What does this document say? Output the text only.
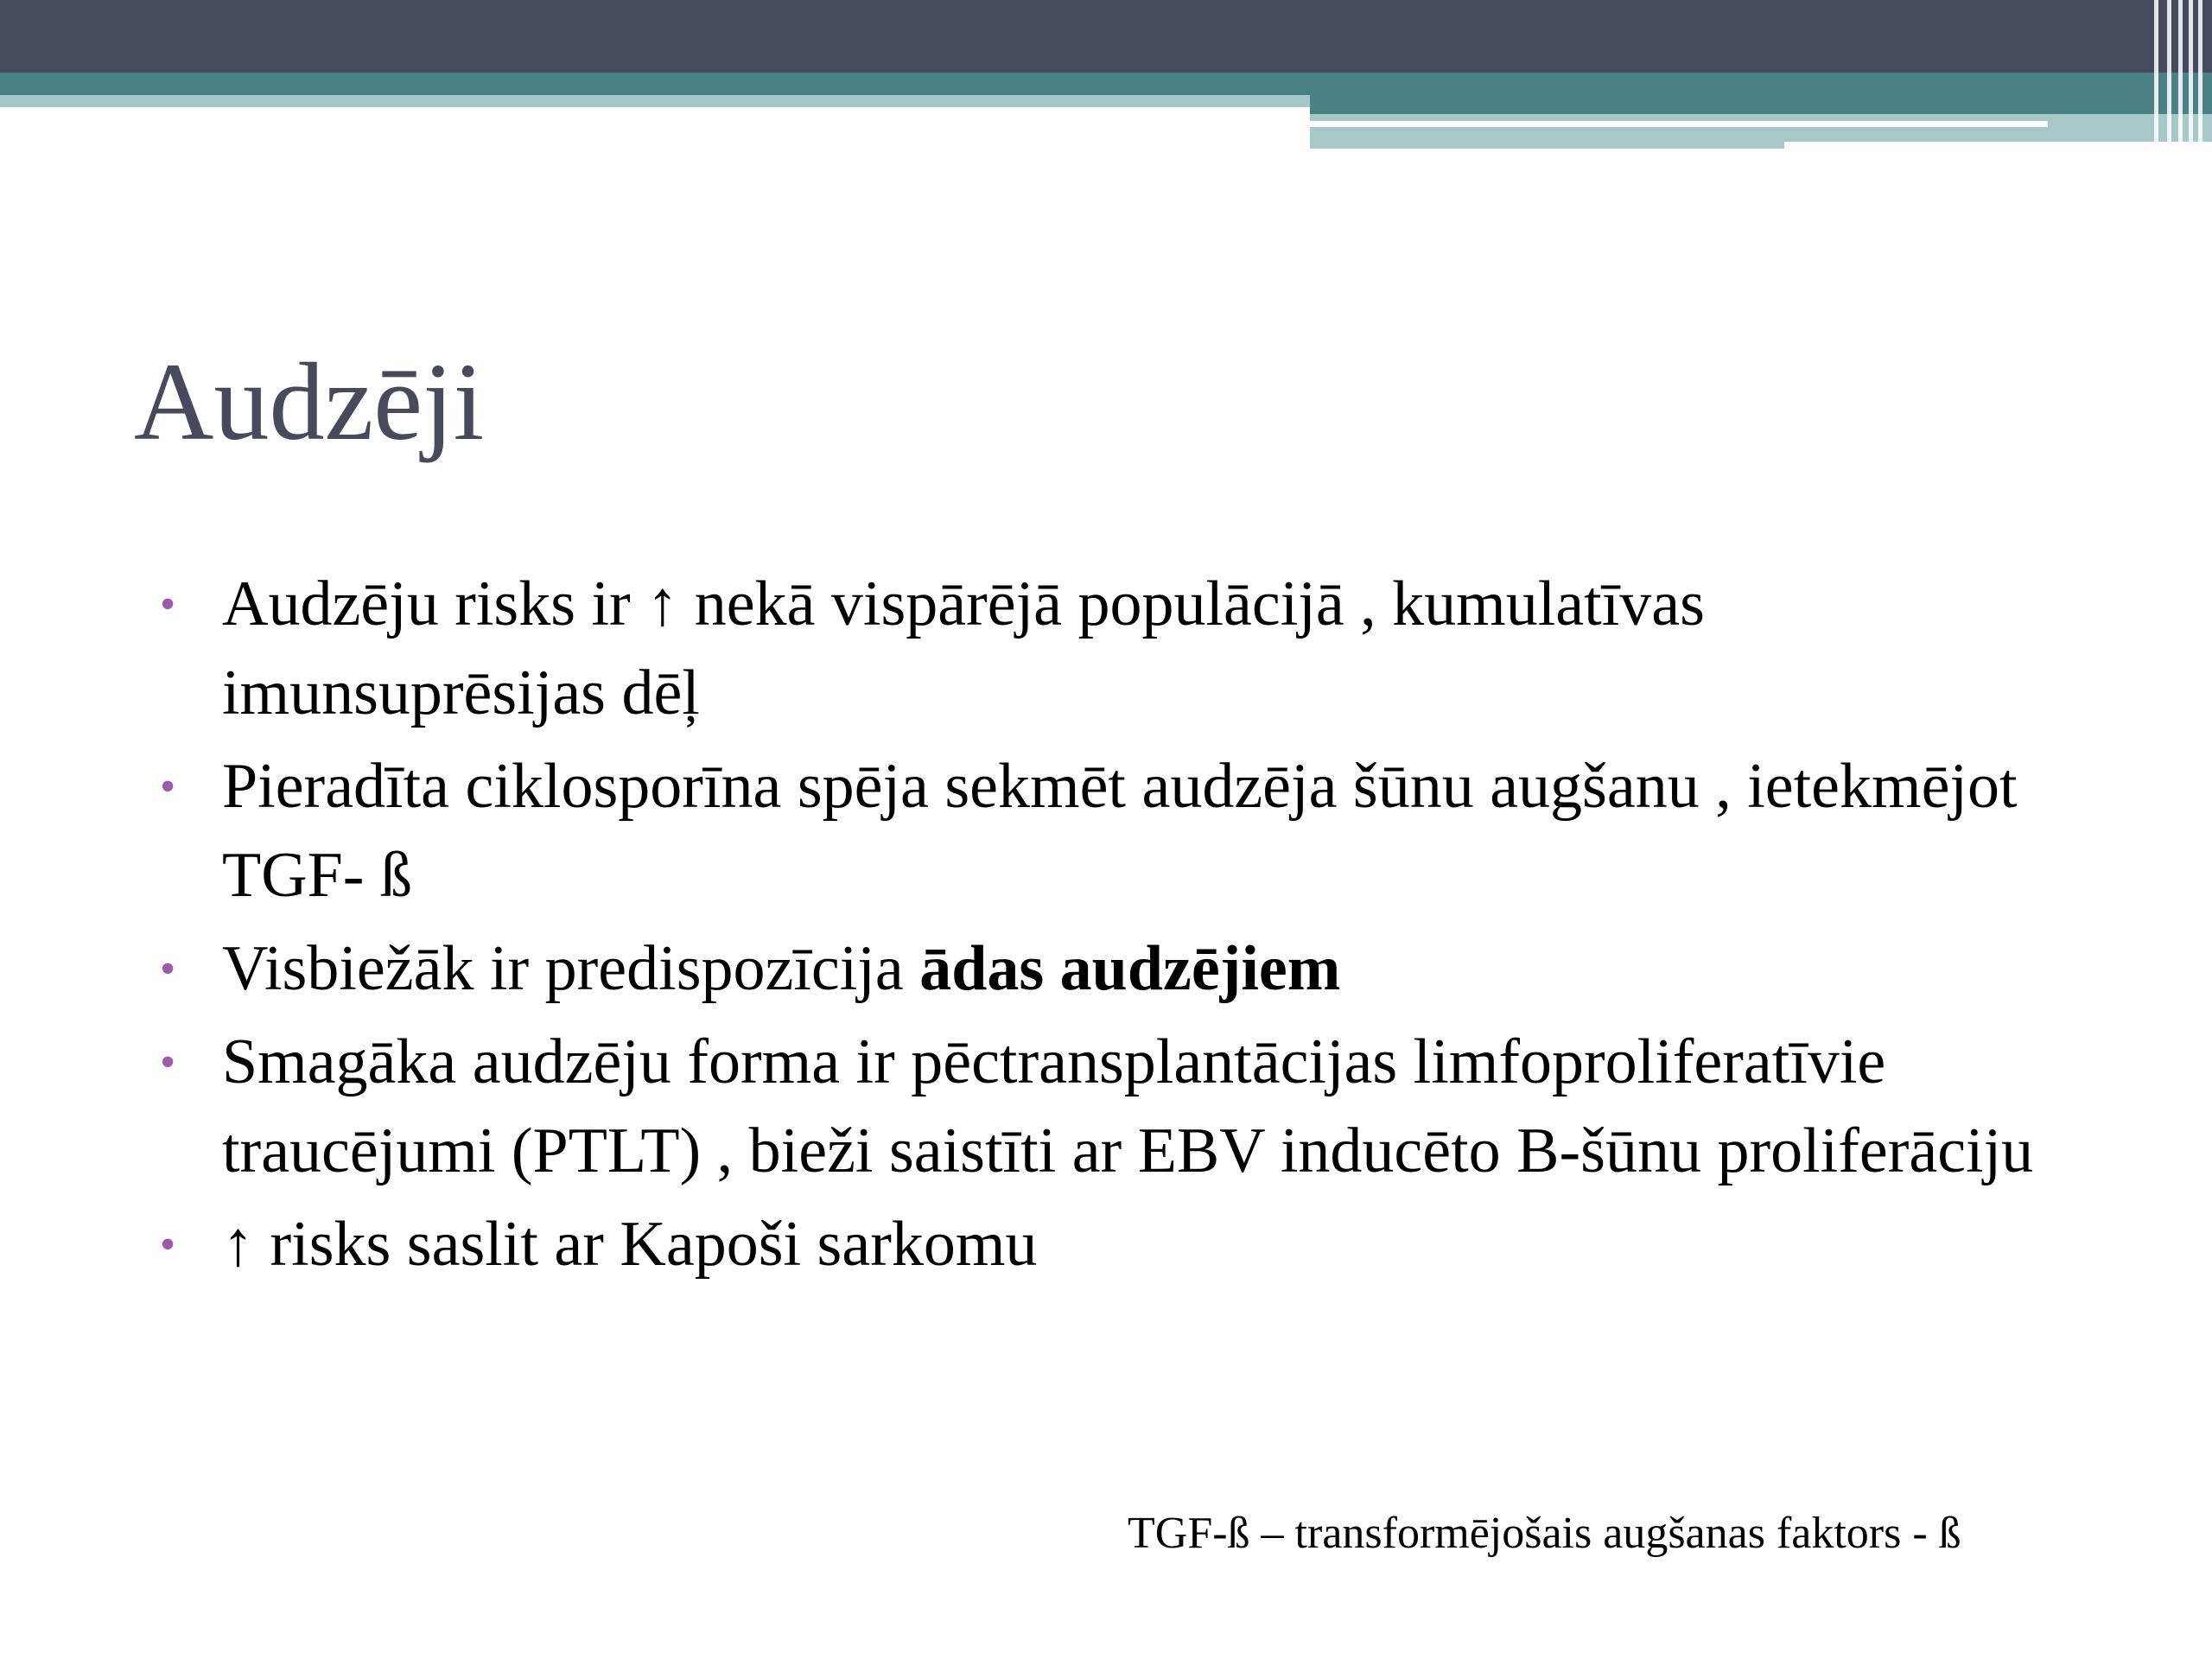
Audzēji
• Audzēju risks ir ↑ nekā vispārējā populācijā , kumulatīvas imunsuprēsijas dēļ
• Pieradīta ciklosporīna spēja sekmēt audzēja šūnu augšanu , ietekmējot TGF- ß
• Visbiežāk ir predispozīcija ādas audzējiem
• Smagāka audzēju forma ir pēctransplantācijas limfoproliferatīvie traucējumi (PTLT) , bieži saistīti ar EBV inducēto B-šūnu proliferāciju
• ↑ risks saslit ar Kapoši sarkomu
TGF-ß – transformējošais augšanas faktors - ß
